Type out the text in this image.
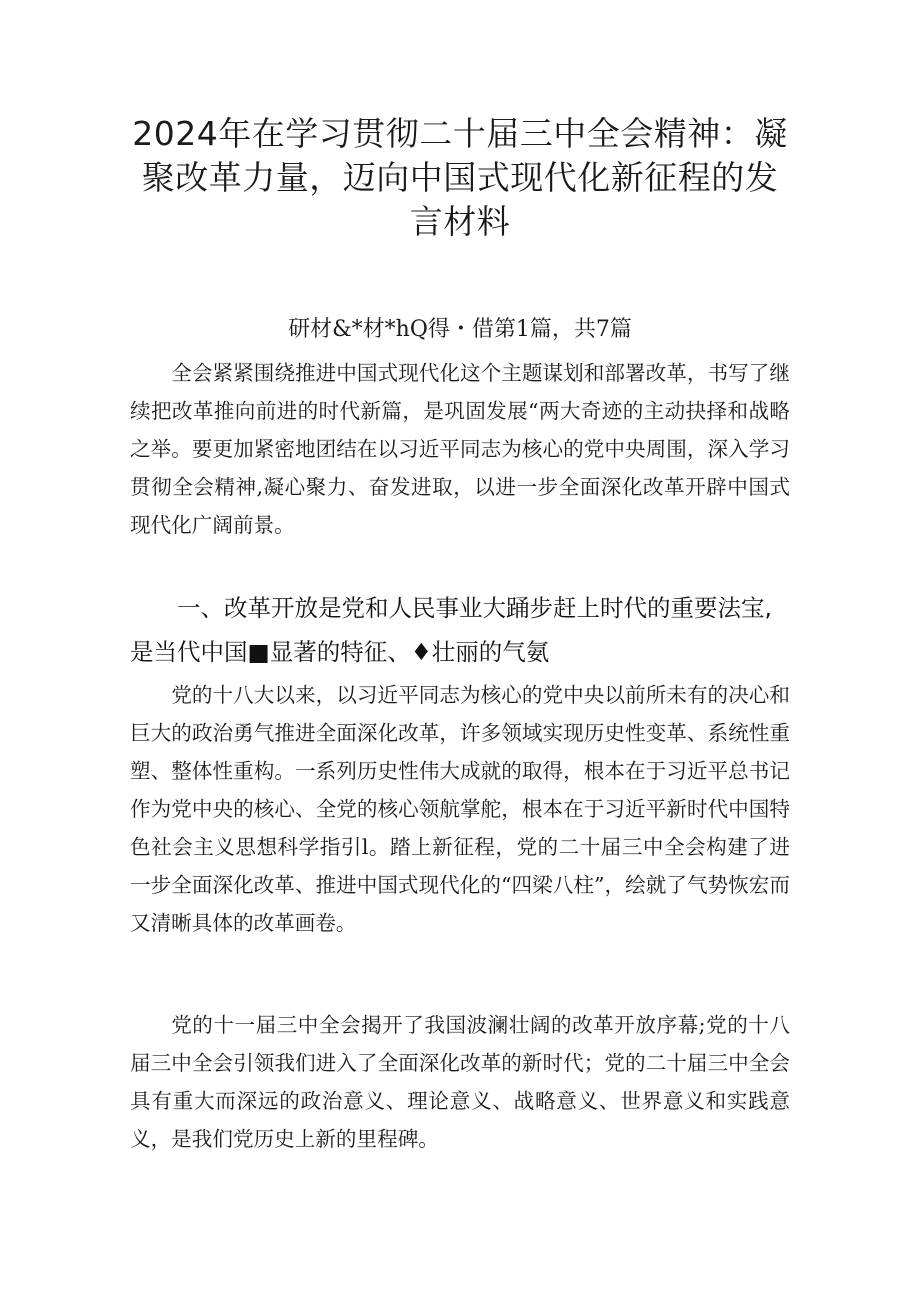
2024年在学习贯彻二十届三中全会精神：凝聚改革力量，迈向中国式现代化新征程的发言材料
研材&*材*hQ得・借第1篇，共7篇

全会紧紧围绕推进中国式现代化这个主题谋划和部署改革，书写了继续把改革推向前进的时代新篇，是巩固发展“两大奇迹的主动抉择和战略之举。要更加紧密地团结在以习近平同志为核心的党中央周围，深入学习贯彻全会精神,凝心聚力、奋发进取，以进一步全面深化改革开辟中国式现代化广阔前景。

一、改革开放是党和人民事业大踊步赶上时代的重要法宝,是当代中国■显著的特征、♦壮丽的气氨

党的十八大以来，以习近平同志为核心的党中央以前所未有的决心和巨大的政治勇气推进全面深化改革，许多领域实现历史性变革、系统性重塑、整体性重构。一系列历史性伟大成就的取得，根本在于习近平总书记作为党中央的核心、全党的核心领航掌舵，根本在于习近平新时代中国特色社会主义思想科学指引l。踏上新征程，党的二十届三中全会构建了进一步全面深化改革、推进中国式现代化的“四梁八柱”，绘就了气势恢宏而又清晰具体的改革画卷。

党的十一届三中全会揭开了我国波澜壮阔的改革开放序幕;党的十八届三中全会引领我们进入了全面深化改革的新时代；党的二十届三中全会具有重大而深远的政治意义、理论意义、战略意义、世界意义和实践意义，是我们党历史上新的里程碑。
